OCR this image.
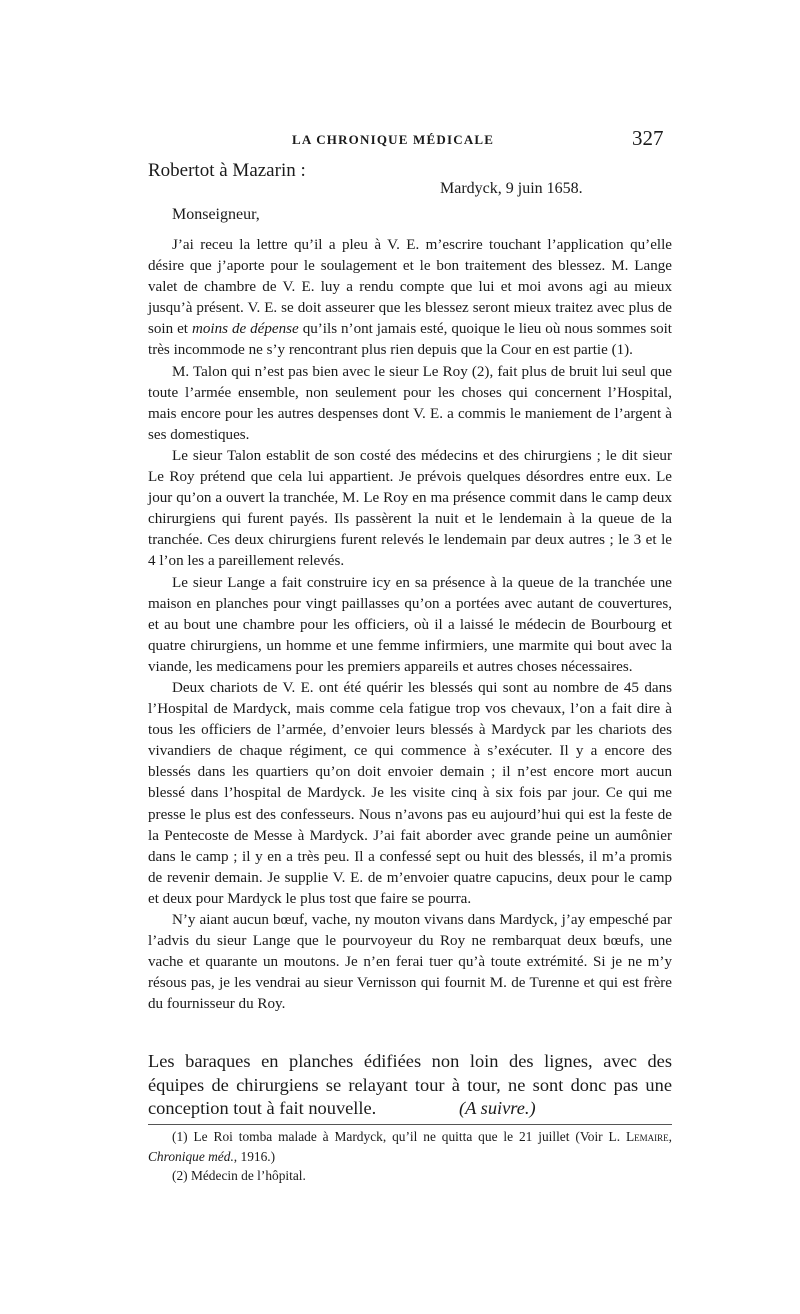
LA CHRONIQUE MÉDICALE	327
Robertot à Mazarin :
Mardyck, 9 juin 1658.
Monseigneur,

J’ai receu la lettre qu’il a pleu à V. E. m’escrire touchant l’application qu’elle désire que j’aporte pour le soulagement et le bon traitement des blessez. M. Lange valet de chambre de V. E. luy a rendu compte que lui et moi avons agi au mieux jusqu’à présent. V. E. se doit asseurer que les blessez seront mieux traitez avec plus de soin et moins de dépense qu’ils n’ont jamais esté, quoique le lieu où nous sommes soit très incommode ne s’y rencontrant plus rien depuis que la Cour en est partie (1).

M. Talon qui n’est pas bien avec le sieur Le Roy (2), fait plus de bruit lui seul que toute l’armée ensemble, non seulement pour les choses qui concernent l’Hospital, mais encore pour les autres despenses dont V. E. a commis le maniement de l’argent à ses domestiques.

Le sieur Talon establit de son costé des médecins et des chirurgiens ; le dit sieur Le Roy prétend que cela lui appartient. Je prévois quelques désordres entre eux. Le jour qu’on a ouvert la tranchée, M. Le Roy en ma présence commit dans le camp deux chirurgiens qui furent payés. Ils passèrent la nuit et le lendemain à la queue de la tranchée. Ces deux chirurgiens furent relevés le lendemain par deux autres ; le 3 et le 4 l’on les a pareillement relevés.

Le sieur Lange a fait construire icy en sa présence à la queue de la tranchée une maison en planches pour vingt paillasses qu’on a portées avec autant de couvertures, et au bout une chambre pour les officiers, où il a laissé le médecin de Bourbourg et quatre chirurgiens, un homme et une femme infirmiers, une marmite qui bout avec la viande, les medicamens pour les premiers appareils et autres choses nécessaires.

Deux chariots de V. E. ont été quérir les blessés qui sont au nombre de 45 dans l’Hospital de Mardyck, mais comme cela fatigue trop vos chevaux, l’on a fait dire à tous les officiers de l’armée, d’envoier leurs blessés à Mardyck par les chariots des vivandiers de chaque régiment, ce qui commence à s’exécuter. Il y a encore des blessés dans les quartiers qu’on doit envoier demain ; il n’est encore mort aucun blessé dans l’hospital de Mardyck. Je les visite cinq à six fois par jour. Ce qui me presse le plus est des confesseurs. Nous n’avons pas eu aujourd’hui qui est la feste de la Pentecoste de Messe à Mardyck. J’ai fait aborder avec grande peine un aumônier dans le camp ; il y en a très peu. Il a confessé sept ou huit des blessés, il m’a promis de revenir demain. Je supplie V. E. de m’envoier quatre capucins, deux pour le camp et deux pour Mardyck le plus tost que faire se pourra.

N’y aiant aucun bœuf, vache, ny mouton vivans dans Mardyck, j’ay empesché par l’advis du sieur Lange que le pourvoyeur du Roy ne rembarquat deux bœufs, une vache et quarante un moutons. Je n’en ferai tuer qu’à toute extrémité. Si je ne m’y résous pas, je les vendrai au sieur Vernisson qui fournit M. de Turenne et qui est frère du fournisseur du Roy.

Les baraques en planches édifiées non loin des lignes, avec des équipes de chirurgiens se relayant tour à tour, ne sont donc pas une conception tout à fait nouvelle.	(A suivre.)

(1) Le Roi tomba malade à Mardyck, qu’il ne quitta que le 21 juillet (Voir L. Lemaire, Chronique méd., 1916.)

(2) Médecin de l’hôpital.
